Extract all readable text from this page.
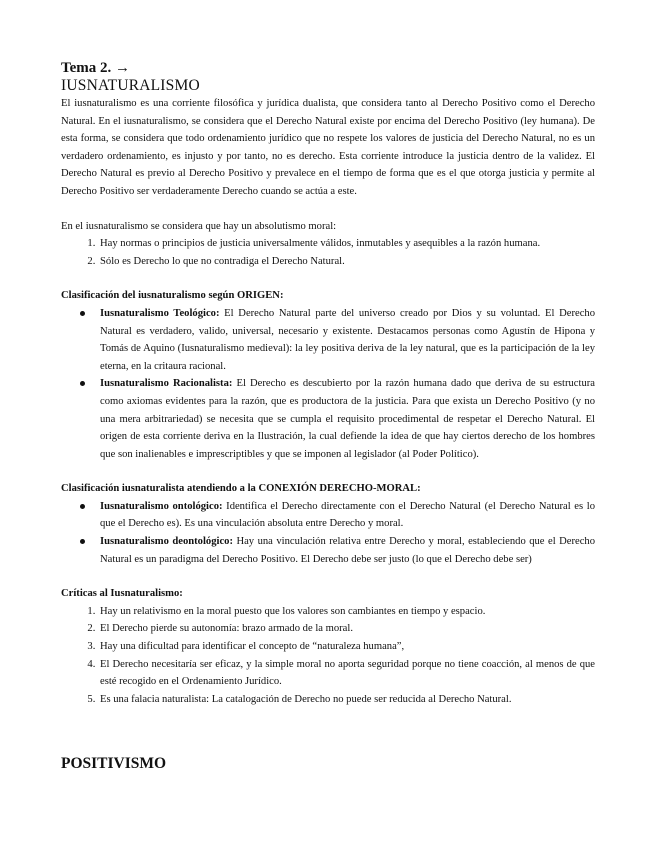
Tema 2. →

IUSNATURALISMO

El iusnaturalismo es una corriente filosófica y jurídica dualista, que considera tanto al Derecho Positivo como el Derecho Natural. En el iusnaturalismo, se considera que el Derecho Natural existe por encima del Derecho Positivo (ley humana). De esta forma, se considera que todo ordenamiento jurídico que no respete los valores de justicia del Derecho Natural, no es un verdadero ordenamiento, es injusto y por tanto, no es derecho. Esta corriente introduce la justicia dentro de la validez. El Derecho Natural es previo al Derecho Positivo y prevalece en el tiempo de forma que es el que otorga justicia y permite al Derecho Positivo ser verdaderamente Derecho cuando se actúa a este.

En el iusnaturalismo se considera que hay un absolutismo moral:

1. Hay normas o principios de justicia universalmente válidos, inmutables y asequibles a la razón humana.
2. Sólo es Derecho lo que no contradiga el Derecho Natural.

Clasificación del iusnaturalismo según ORIGEN:

Iusnaturalismo Teológico: El Derecho Natural parte del universo creado por Dios y su voluntad. El Derecho Natural es verdadero, valido, universal, necesario y existente. Destacamos personas como Agustín de Hipona y Tomás de Aquino (Iusnaturalismo medieval): la ley positiva deriva de la ley natural, que es la participación de la ley eterna, en la critaura racional.
Iusnaturalismo Racionalista: El Derecho es descubierto por la razón humana dado que deriva de su estructura como axiomas evidentes para la razón, que es productora de la justicia. Para que exista un Derecho Positivo (y no una mera arbitrariedad) se necesita que se cumpla el requisito procedimental de respetar el Derecho Natural. El origen de esta corriente deriva en la Ilustración, la cual defiende la idea de que hay ciertos derecho de los hombres que son inalienables e imprescriptibles y que se imponen al legislador (al Poder Político).

Clasificación iusnaturalista atendiendo a la CONEXIÓN DERECHO-MORAL:

Iusnaturalismo ontológico: Identifica el Derecho directamente con el Derecho Natural (el Derecho Natural es lo que el Derecho es). Es una vinculación absoluta entre Derecho y moral.
Iusnaturalismo deontológico: Hay una vinculación relativa entre Derecho y moral, estableciendo que el Derecho Natural es un paradigma del Derecho Positivo. El Derecho debe ser justo (lo que el Derecho debe ser)

Críticas al Iusnaturalismo:

1. Hay un relativismo en la moral puesto que los valores son cambiantes en tiempo y espacio.
2. El Derecho pierde su autonomía: brazo armado de la moral.
3. Hay una dificultad para identificar el concepto de “naturaleza humana”,
4. El Derecho necesitaría ser eficaz, y la simple moral no aporta seguridad porque no tiene coacción, al menos de que esté recogido en el Ordenamiento Jurídico.
5. Es una falacia naturalista: La catalogación de Derecho no puede ser reducida al Derecho Natural.

POSITIVISMO
